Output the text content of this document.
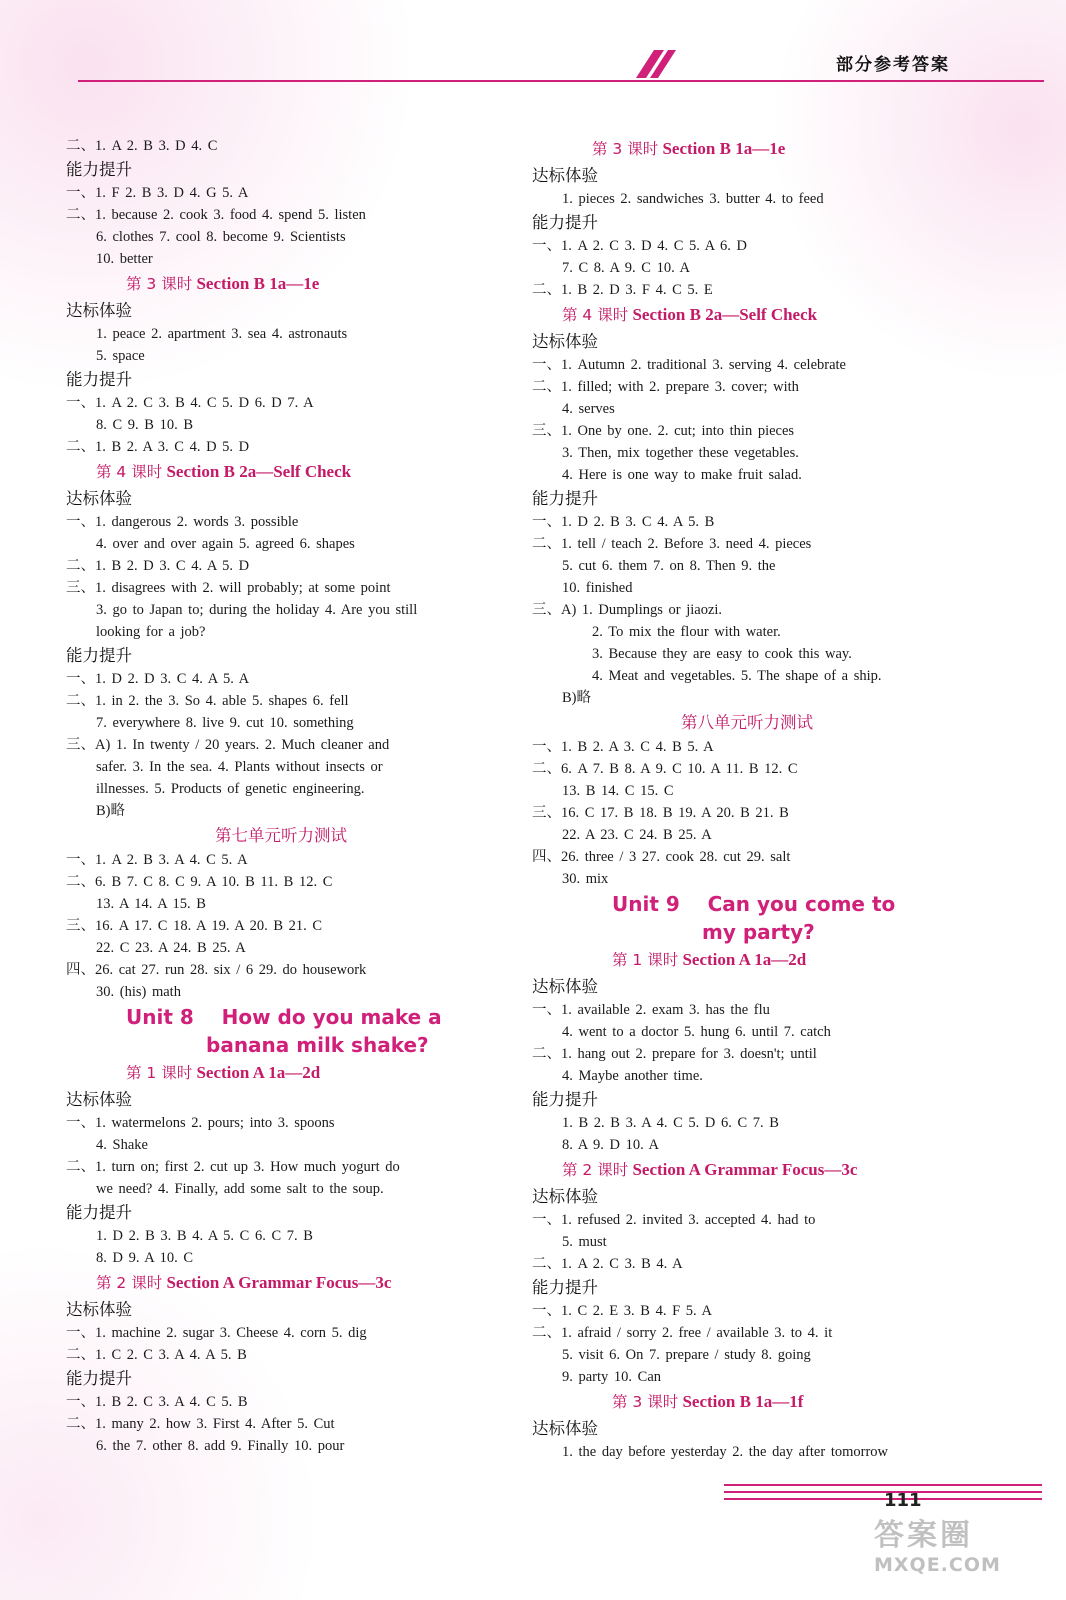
部分参考答案
二、1. A 2. B 3. D 4. C
能力提升
一、1. F 2. B 3. D 4. G 5. A
二、1. because 2. cook 3. food 4. spend 5. listen
6. clothes 7. cool 8. become 9. Scientists
10. better
第 3 课时 Section B 1a—1e
达标体验
1. peace 2. apartment 3. sea 4. astronauts
5. space
能力提升
一、1. A 2. C 3. B 4. C 5. D 6. D 7. A
8. C 9. B 10. B
二、1. B 2. A 3. C 4. D 5. D
第 4 课时 Section B 2a—Self Check
达标体验
一、1. dangerous 2. words 3. possible
4. over and over again 5. agreed 6. shapes
二、1. B 2. D 3. C 4. A 5. D
三、1. disagrees with 2. will probably; at some point
3. go to Japan to; during the holiday 4. Are you still
looking for a job?
能力提升
一、1. D 2. D 3. C 4. A 5. A
二、1. in 2. the 3. So 4. able 5. shapes 6. fell
7. everywhere 8. live 9. cut 10. something
三、A) 1. In twenty / 20 years. 2. Much cleaner and
safer. 3. In the sea. 4. Plants without insects or
illnesses. 5. Products of genetic engineering.
B)略
第七单元听力测试
一、1. A 2. B 3. A 4. C 5. A
二、6. B 7. C 8. C 9. A 10. B 11. B 12. C
13. A 14. A 15. B
三、16. A 17. C 18. A 19. A 20. B 21. C
22. C 23. A 24. B 25. A
四、26. cat 27. run 28. six / 6 29. do housework
30. (his) math
Unit 8    How do you make a
banana milk shake?
第 1 课时 Section A 1a—2d
达标体验
一、1. watermelons 2. pours; into 3. spoons
4. Shake
二、1. turn on; first 2. cut up 3. How much yogurt do
we need? 4. Finally, add some salt to the soup.
能力提升
1. D 2. B 3. B 4. A 5. C 6. C 7. B
8. D 9. A 10. C
第 2 课时 Section A Grammar Focus—3c
达标体验
一、1. machine 2. sugar 3. Cheese 4. corn 5. dig
二、1. C 2. C 3. A 4. A 5. B
能力提升
一、1. B 2. C 3. A 4. C 5. B
二、1. many 2. how 3. First 4. After 5. Cut
6. the 7. other 8. add 9. Finally 10. pour
第 3 课时 Section B 1a—1e
达标体验
1. pieces 2. sandwiches 3. butter 4. to feed
能力提升
一、1. A 2. C 3. D 4. C 5. A 6. D
7. C 8. A 9. C 10. A
二、1. B 2. D 3. F 4. C 5. E
第 4 课时 Section B 2a—Self Check
达标体验
一、1. Autumn 2. traditional 3. serving 4. celebrate
二、1. filled; with 2. prepare 3. cover; with
4. serves
三、1. One by one. 2. cut; into thin pieces
3. Then, mix together these vegetables.
4. Here is one way to make fruit salad.
能力提升
一、1. D 2. B 3. C 4. A 5. B
二、1. tell / teach 2. Before 3. need 4. pieces
5. cut 6. them 7. on 8. Then 9. the
10. finished
三、A) 1. Dumplings or jiaozi.
2. To mix the flour with water.
3. Because they are easy to cook this way.
4. Meat and vegetables. 5. The shape of a ship.
B)略
第八单元听力测试
一、1. B 2. A 3. C 4. B 5. A
二、6. A 7. B 8. A 9. C 10. A 11. B 12. C
13. B 14. C 15. C
三、16. C 17. B 18. B 19. A 20. B 21. B
22. A 23. C 24. B 25. A
四、26. three / 3 27. cook 28. cut 29. salt
30. mix
Unit 9    Can you come to
my party?
第 1 课时 Section A 1a—2d
达标体验
一、1. available 2. exam 3. has the flu
4. went to a doctor 5. hung 6. until 7. catch
二、1. hang out 2. prepare for 3. doesn't; until
4. Maybe another time.
能力提升
1. B 2. B 3. A 4. C 5. D 6. C 7. B
8. A 9. D 10. A
第 2 课时 Section A Grammar Focus—3c
达标体验
一、1. refused 2. invited 3. accepted 4. had to
5. must
二、1. A 2. C 3. B 4. A
能力提升
一、1. C 2. E 3. B 4. F 5. A
二、1. afraid / sorry 2. free / available 3. to 4. it
5. visit 6. On 7. prepare / study 8. going
9. party 10. Can
第 3 课时 Section B 1a—1f
达标体验
1. the day before yesterday 2. the day after tomorrow
111
答案圈
MXQE.COM
